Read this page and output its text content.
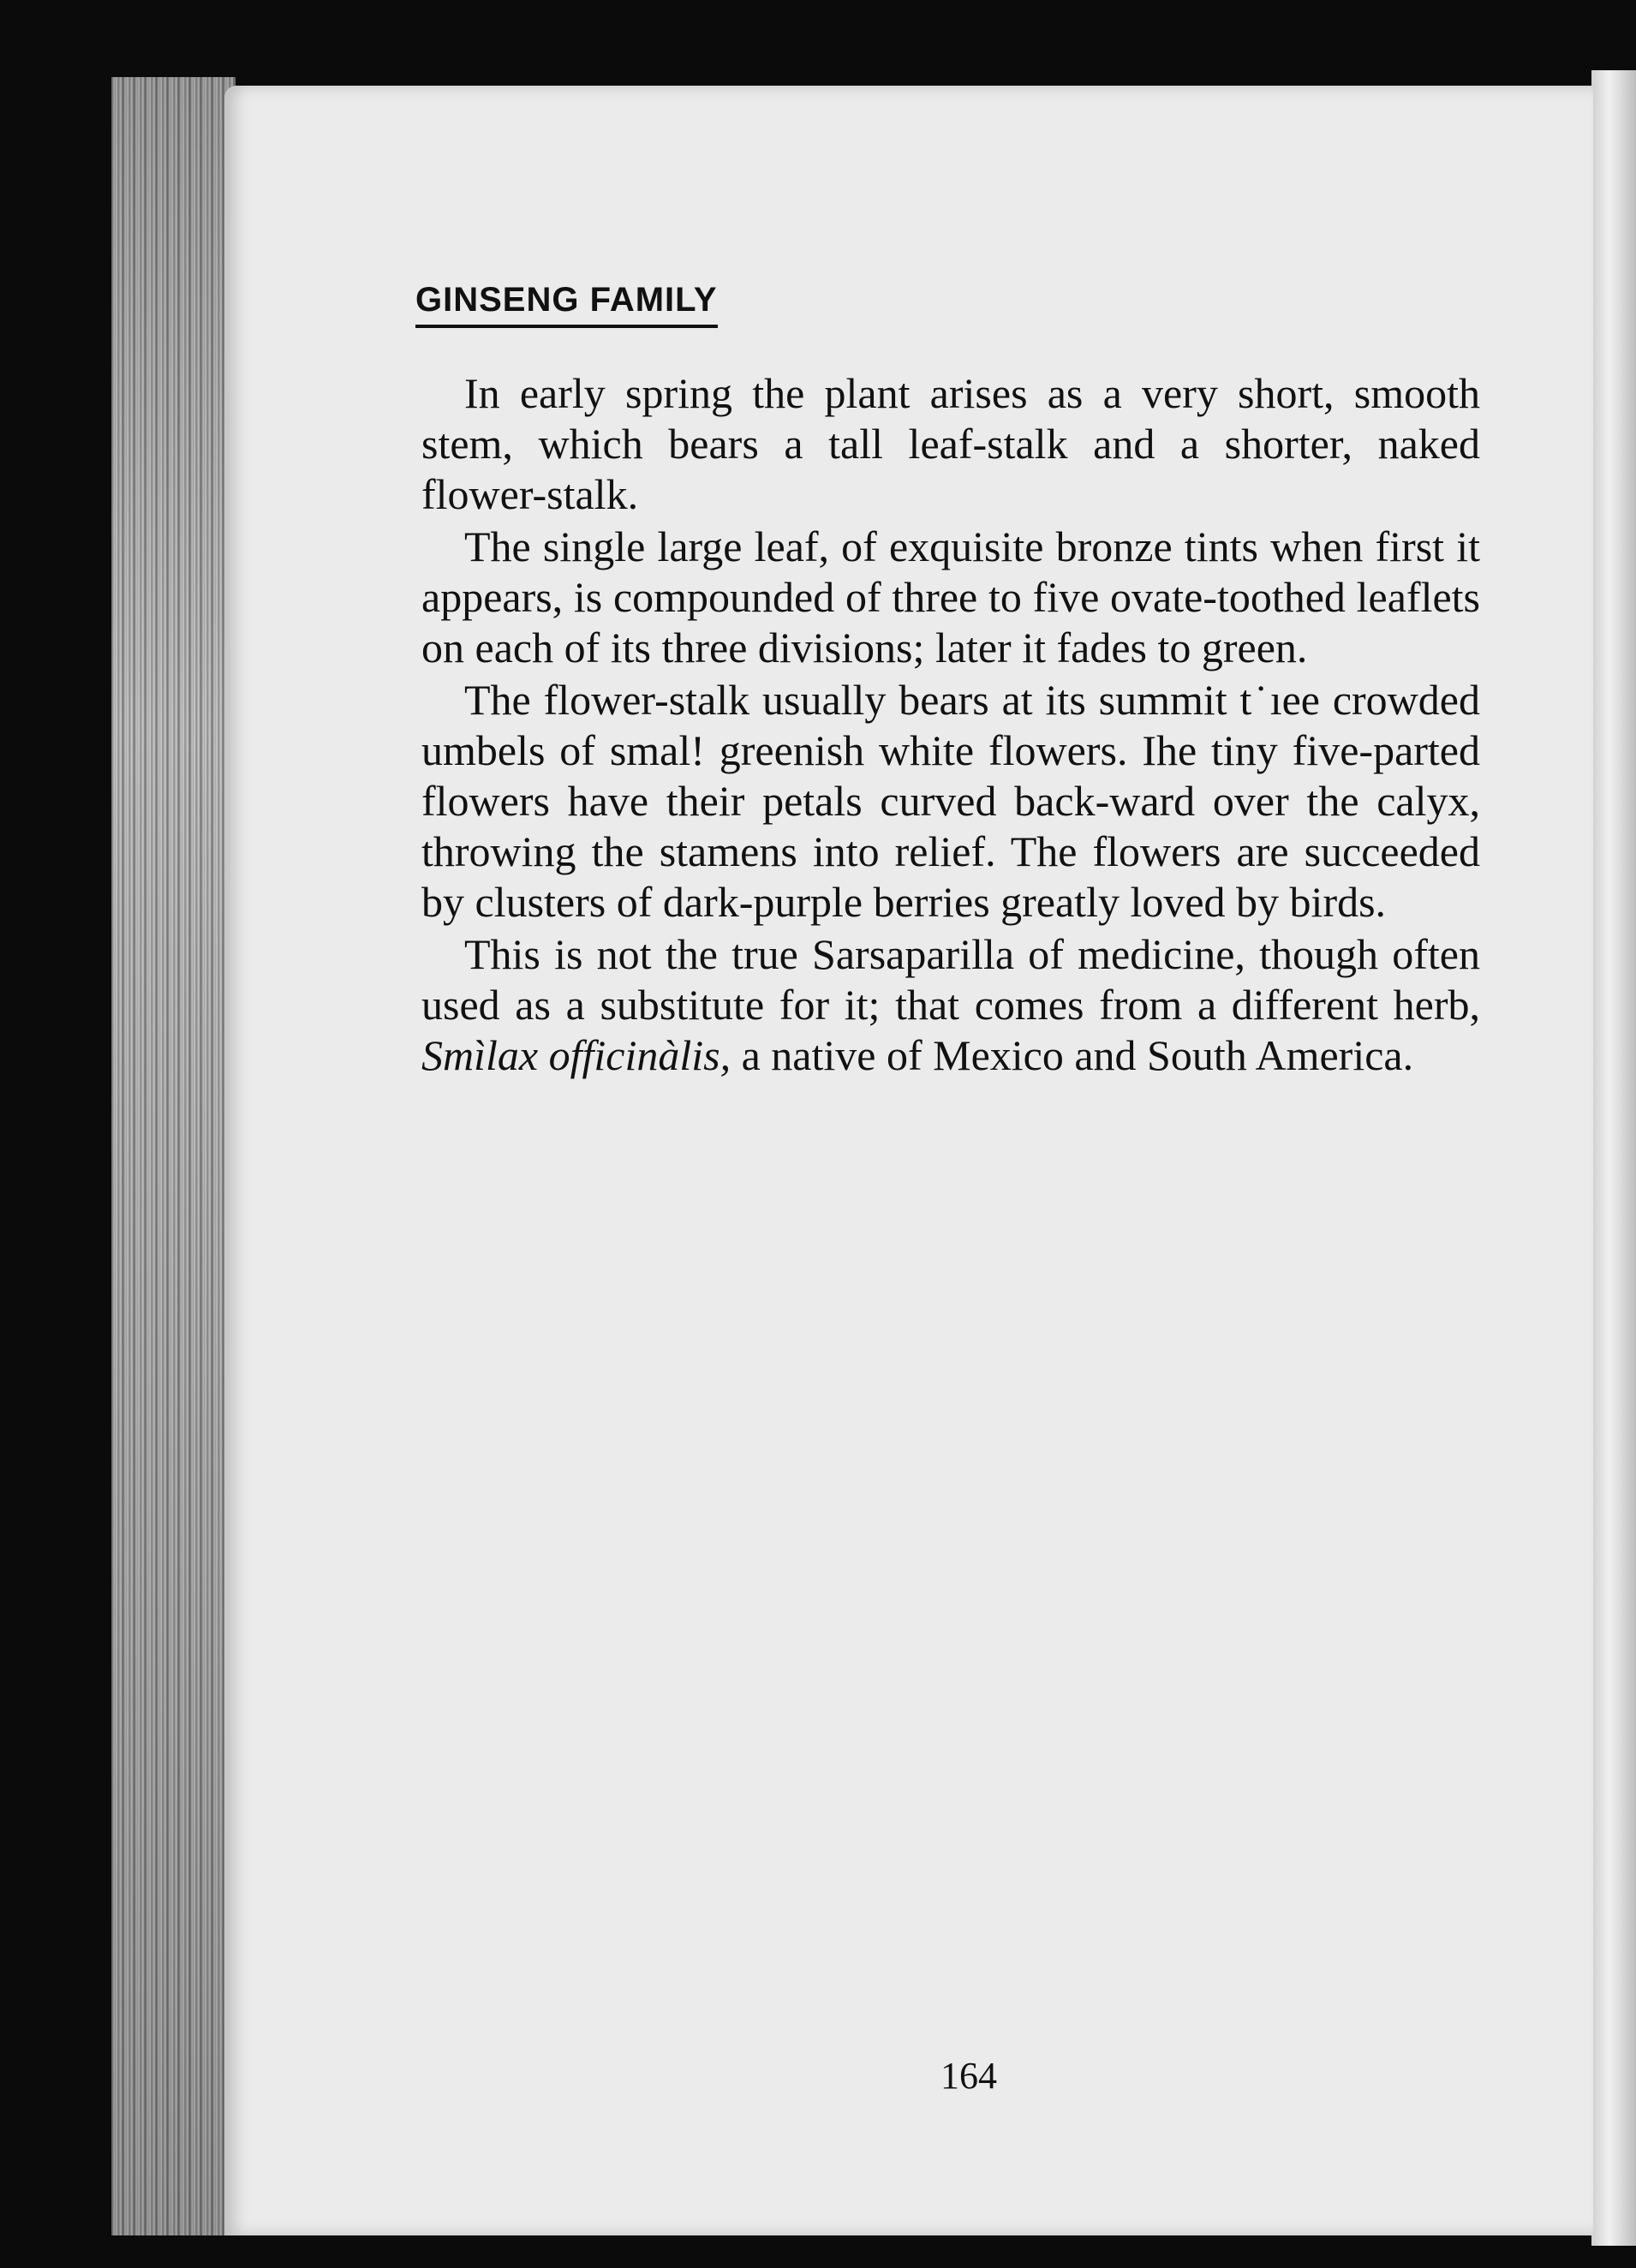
GINSENG FAMILY

In early spring the plant arises as a very short, smooth stem, which bears a tall leaf-stalk and a shorter, naked flower-stalk.

The single large leaf, of exquisite bronze tints when first it appears, is compounded of three to five ovate-toothed leaflets on each of its three divisions; later it fades to green.

The flower-stalk usually bears at its summit t˙ıee crowded umbels of smal! greenish white flowers. Ιhe tiny five-parted flowers have their petals curved back-ward over the calyx, throwing the stamens into relief. The flowers are succeeded by clusters of dark-purple berries greatly loved by birds.

This is not the true Sarsaparilla of medicine, though often used as a substitute for it; that comes from a different herb, Smìlax officinàlis, a native of Mexico and South America.

164
